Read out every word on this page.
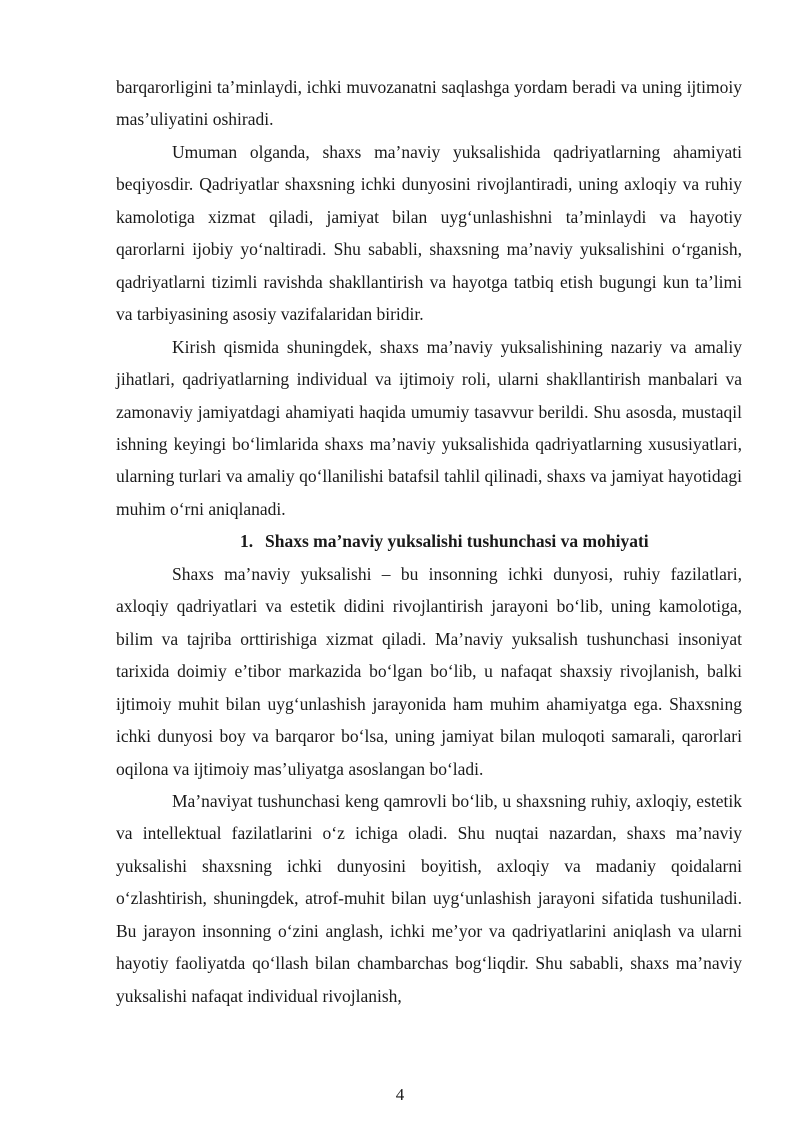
barqarorligini ta’minlaydi, ichki muvozanatni saqlashga yordam beradi va uning ijtimoiy mas’uliyatini oshiradi.

Umuman olganda, shaxs ma’naviy yuksalishida qadriyatlarning ahamiyati beqiyosdir. Qadriyatlar shaxsning ichki dunyosini rivojlantiradi, uning axloqiy va ruhiy kamolotiga xizmat qiladi, jamiyat bilan uyg‘unlashishni ta’minlaydi va hayotiy qarorlarni ijobiy yo‘naltiradi. Shu sababli, shaxsning ma’naviy yuksalishini o‘rganish, qadriyatlarni tizimli ravishda shakllantirish va hayotga tatbiq etish bugungi kun ta’limi va tarbiyasining asosiy vazifalaridan biridir.

Kirish qismida shuningdek, shaxs ma’naviy yuksalishining nazariy va amaliy jihatlari, qadriyatlarning individual va ijtimoiy roli, ularni shakllantirish manbalari va zamonaviy jamiyatdagi ahamiyati haqida umumiy tasavvur berildi. Shu asosda, mustaqil ishning keyingi bo‘limlarida shaxs ma’naviy yuksalishida qadriyatlarning xususiyatlari, ularning turlari va amaliy qo‘llanilishi batafsil tahlil qilinadi, shaxs va jamiyat hayotidagi muhim o‘rni aniqlanadi.

1. Shaxs ma’naviy yuksalishi tushunchasi va mohiyati

Shaxs ma’naviy yuksalishi – bu insonning ichki dunyosi, ruhiy fazilatlari, axloqiy qadriyatlari va estetik didini rivojlantirish jarayoni bo‘lib, uning kamolotiga, bilim va tajriba orttirishiga xizmat qiladi. Ma’naviy yuksalish tushunchasi insoniyat tarixida doimiy e’tibor markazida bo‘lgan bo‘lib, u nafaqat shaxsiy rivojlanish, balki ijtimoiy muhit bilan uyg‘unlashish jarayonida ham muhim ahamiyatga ega. Shaxsning ichki dunyosi boy va barqaror bo‘lsa, uning jamiyat bilan muloqoti samarali, qarorlari oqilona va ijtimoiy mas’uliyatga asoslangan bo‘ladi.

Ma’naviyat tushunchasi keng qamrovli bo‘lib, u shaxsning ruhiy, axloqiy, estetik va intellektual fazilatlarini o‘z ichiga oladi. Shu nuqtai nazardan, shaxs ma’naviy yuksalishi shaxsning ichki dunyosini boyitish, axloqiy va madaniy qoidalarni o‘zlashtirish, shuningdek, atrof-muhit bilan uyg‘unlashish jarayoni sifatida tushuniladi. Bu jarayon insonning o‘zini anglash, ichki me’yor va qadriyatlarini aniqlash va ularni hayotiy faoliyatda qo‘llash bilan chambarchas bog‘liqdir. Shu sababli, shaxs ma’naviy yuksalishi nafaqat individual rivojlanish,

4
